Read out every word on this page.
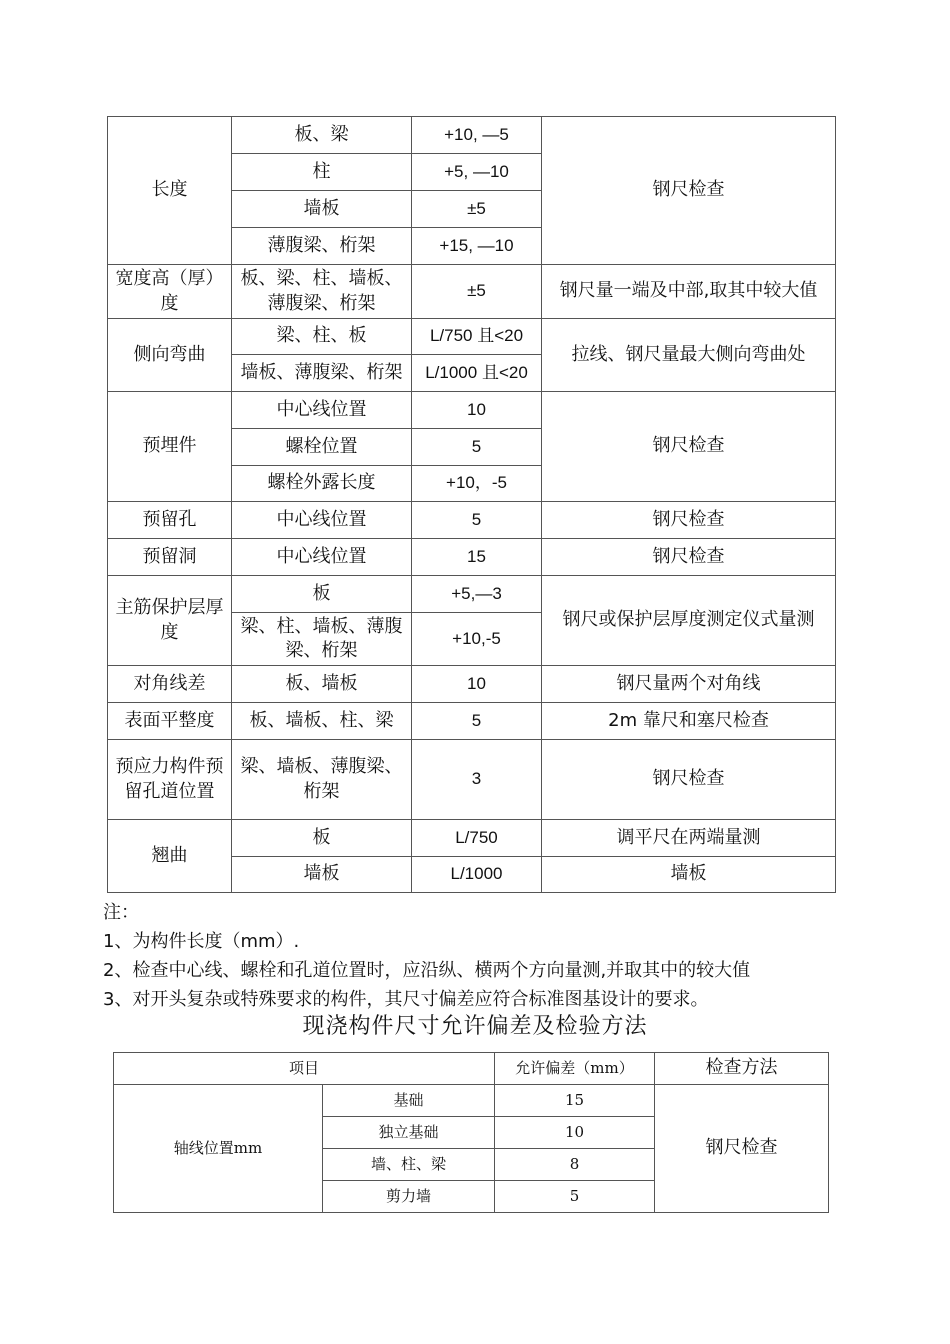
长度	板、梁	+10, —5	钢尺检查
	柱	+5, —10	
	墙板	±5	
	薄腹梁、桁架	+15, —10	
宽度高（厚）度	板、梁、柱、墙板、薄腹梁、桁架	±5	钢尺量一端及中部,取其中较大值
侧向弯曲	梁、柱、板	L/750 且<20	拉线、钢尺量最大侧向弯曲处
	墙板、薄腹梁、桁架	L/1000 且<20	
预埋件	中心线位置	10	钢尺检查
	螺栓位置	5	
	螺栓外露长度	+10，-5	
预留孔	中心线位置	5	钢尺检查
预留洞	中心线位置	15	钢尺检查
主筋保护层厚度	板	+5,—3	钢尺或保护层厚度测定仪式量测
	梁、柱、墙板、薄腹梁、桁架	+10,-5	
对角线差	板、墙板	10	钢尺量两个对角线
表面平整度	板、墙板、柱、梁	5	2m 靠尺和塞尺检查
预应力构件预留孔道位置	梁、墙板、薄腹梁、桁架	3	钢尺检查
翘曲	板	L/750	调平尺在两端量测
	墙板	L/1000	墙板
注：
1、为构件长度（mm）.
2、检查中心线、螺栓和孔道位置时，应沿纵、横两个方向量测,并取其中的较大值
3、对开头复杂或特殊要求的构件，其尺寸偏差应符合标准图基设计的要求。
现浇构件尺寸允许偏差及检验方法
项目		允许偏差（mm）	检查方法
轴线位置mm	基础	15	钢尺检查
	独立基础	10	
	墙、柱、梁	8	
	剪力墙	5	
